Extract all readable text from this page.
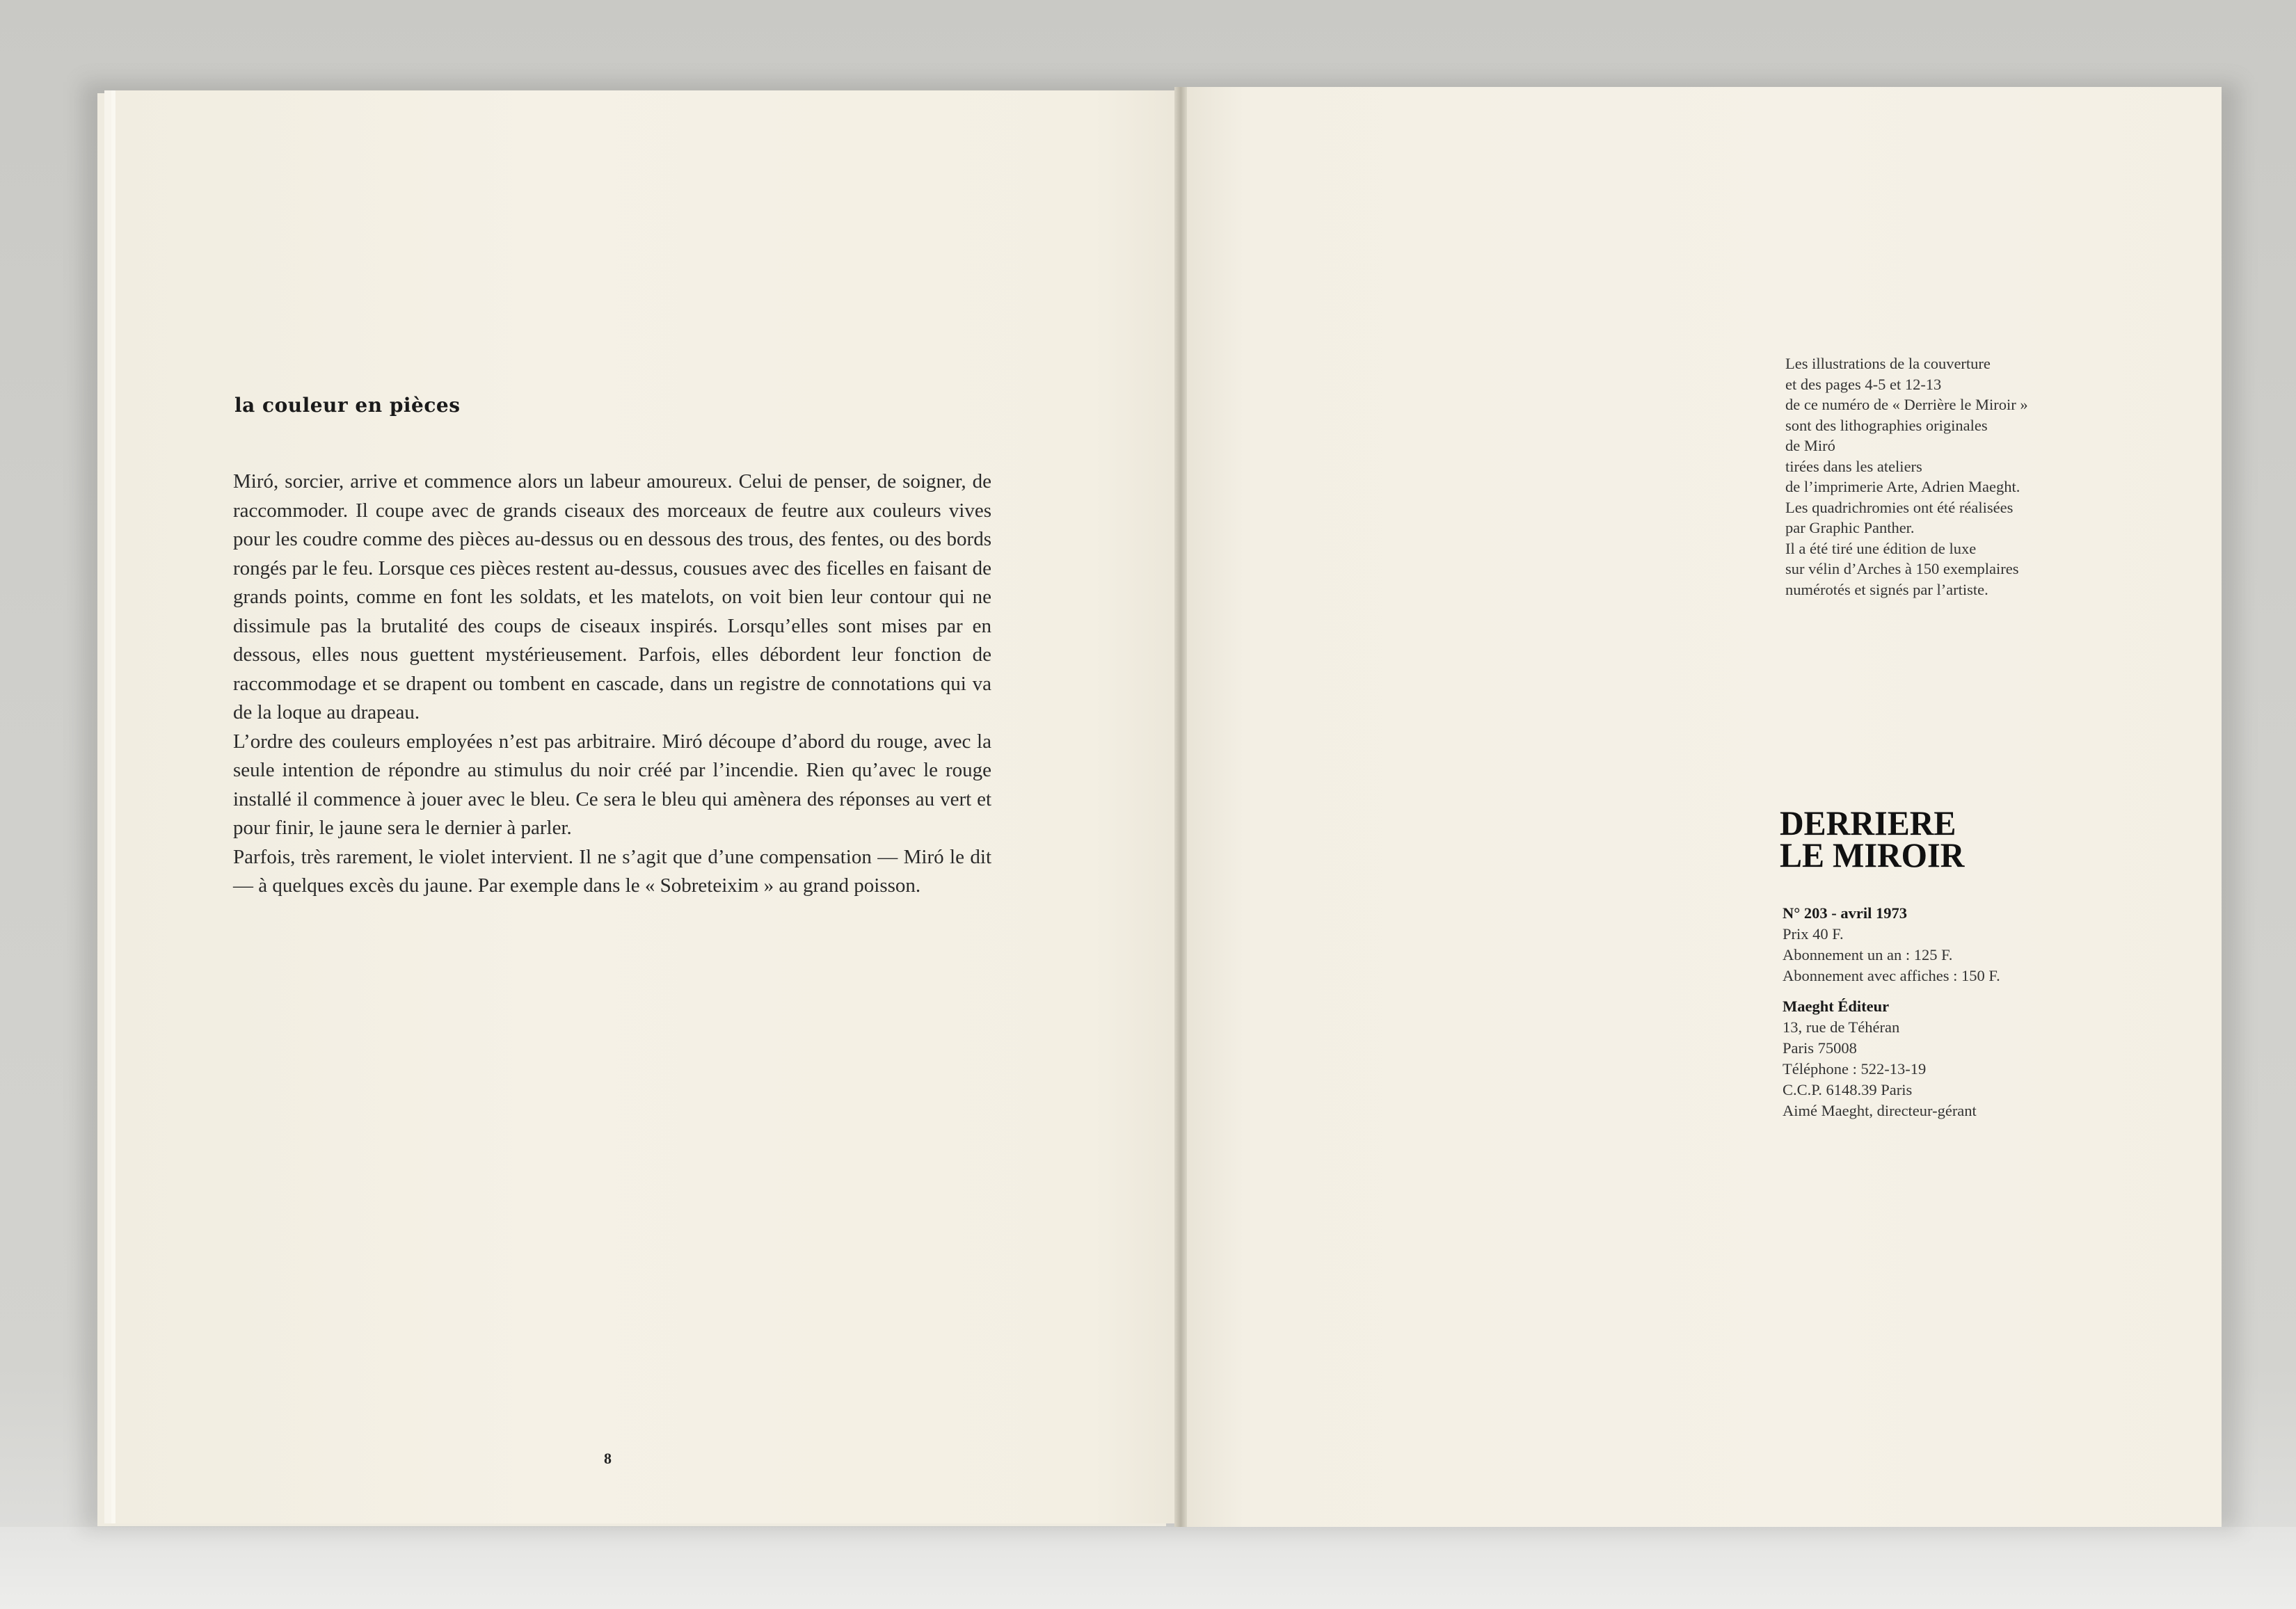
la couleur en pièces

Miró, sorcier, arrive et commence alors un labeur amoureux. Celui de penser, de soigner, de raccommoder. Il coupe avec de grands ciseaux des morceaux de feutre aux couleurs vives pour les coudre comme des pièces au-dessus ou en dessous des trous, des fentes, ou des bords rongés par le feu. Lorsque ces pièces restent au-dessus, cousues avec des ficelles en faisant de grands points, comme en font les soldats, et les matelots, on voit bien leur contour qui ne dissimule pas la brutalité des coups de ciseaux inspirés. Lorsqu’elles sont mises par en dessous, elles nous guettent mystérieusement. Parfois, elles débordent leur fonction de raccommodage et se drapent ou tombent en cascade, dans un registre de connotations qui va de la loque au drapeau.

L’ordre des couleurs employées n’est pas arbitraire. Miró découpe d’abord du rouge, avec la seule intention de répondre au stimulus du noir créé par l’incendie. Rien qu’avec le rouge installé il commence à jouer avec le bleu. Ce sera le bleu qui amènera des réponses au vert et pour finir, le jaune sera le dernier à parler.

Parfois, très rarement, le violet intervient. Il ne s’agit que d’une compensation — Miró le dit — à quelques excès du jaune. Par exemple dans le « Sobreteixim » au grand poisson.

8
Les illustrations de la couverture
et des pages 4-5 et 12-13
de ce numéro de « Derrière le Miroir »
sont des lithographies originales
de Miró
tirées dans les ateliers
de l’imprimerie Arte, Adrien Maeght.
Les quadrichromies ont été réalisées
par Graphic Panther.
Il a été tiré une édition de luxe
sur vélin d’Arches à 150 exemplaires
numérotés et signés par l’artiste.
DERRIERE
LE MIROIR
N° 203 - avril 1973
Prix 40 F.
Abonnement un an : 125 F.
Abonnement avec affiches : 150 F.
Maeght Éditeur
13, rue de Téhéran
Paris 75008
Téléphone : 522-13-19
C.C.P. 6148.39 Paris
Aimé Maeght, directeur-gérant
